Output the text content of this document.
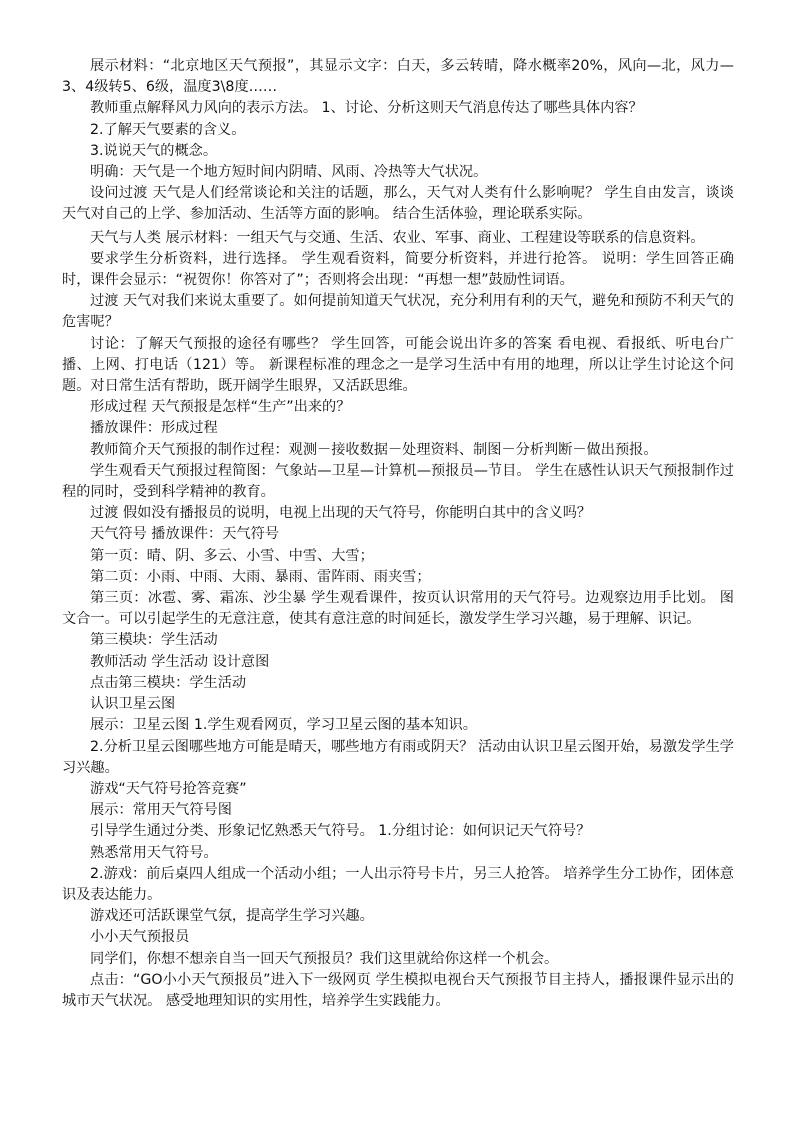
展示材料：“北京地区天气预报”，其显示文字：白天，多云转晴，降水概率20%，风向—北，风力—3、4级转5、6级，温度3\8度……

教师重点解释风力风向的表示方法。 1、讨论、分析这则天气消息传达了哪些具体内容？

2.了解天气要素的含义。

3.说说天气的概念。

明确：天气是一个地方短时间内阴晴、风雨、冷热等大气状况。

设问过渡 天气是人们经常谈论和关注的话题，那么，天气对人类有什么影响呢？ 学生自由发言，谈谈天气对自己的上学、参加活动、生活等方面的影响。 结合生活体验，理论联系实际。

天气与人类 展示材料：一组天气与交通、生活、农业、军事、商业、工程建设等联系的信息资料。

要求学生分析资料，进行选择。 学生观看资料，简要分析资料，并进行抢答。 说明：学生回答正确时，课件会显示：“祝贺你！你答对了”；否则将会出现：“再想一想”鼓励性词语。

过渡 天气对我们来说太重要了。如何提前知道天气状况，充分利用有利的天气，避免和预防不利天气的危害呢？

讨论：了解天气预报的途径有哪些？ 学生回答，可能会说出许多的答案 看电视、看报纸、听电台广播、上网、打电话（121）等。 新课程标准的理念之一是学习生活中有用的地理，所以让学生讨论这个问题。对日常生活有帮助，既开阔学生眼界，又活跃思维。

形成过程 天气预报是怎样“生产”出来的？

播放课件：形成过程

教师简介天气预报的制作过程：观测－接收数据－处理资料、制图－分析判断－做出预报。

学生观看天气预报过程简图：气象站—卫星—计算机—预报员—节目。 学生在感性认识天气预报制作过程的同时，受到科学精神的教育。

过渡 假如没有播报员的说明，电视上出现的天气符号，你能明白其中的含义吗？

天气符号 播放课件：天气符号

第一页：晴、阴、多云、小雪、中雪、大雪；

第二页：小雨、中雨、大雨、暴雨、雷阵雨、雨夹雪；

第三页：冰雹、雾、霜冻、沙尘暴 学生观看课件，按页认识常用的天气符号。边观察边用手比划。 图文合一。可以引起学生的无意注意，使其有意注意的时间延长，激发学生学习兴趣，易于理解、识记。

第三模块：学生活动

教师活动 学生活动 设计意图

点击第三模块：学生活动

认识卫星云图

展示：卫星云图 1.学生观看网页，学习卫星云图的基本知识。

2.分析卫星云图哪些地方可能是晴天，哪些地方有雨或阴天？ 活动由认识卫星云图开始，易激发学生学习兴趣。

游戏“天气符号抢答竞赛”

展示：常用天气符号图

引导学生通过分类、形象记忆熟悉天气符号。 1.分组讨论：如何识记天气符号？

熟悉常用天气符号。

2.游戏：前后桌四人组成一个活动小组；一人出示符号卡片，另三人抢答。 培养学生分工协作，团体意识及表达能力。

游戏还可活跃课堂气氛，提高学生学习兴趣。

小小天气预报员

同学们，你想不想亲自当一回天气预报员？我们这里就给你这样一个机会。

点击：“GO小小天气预报员”进入下一级网页 学生模拟电视台天气预报节目主持人，播报课件显示出的城市天气状况。 感受地理知识的实用性，培养学生实践能力。
